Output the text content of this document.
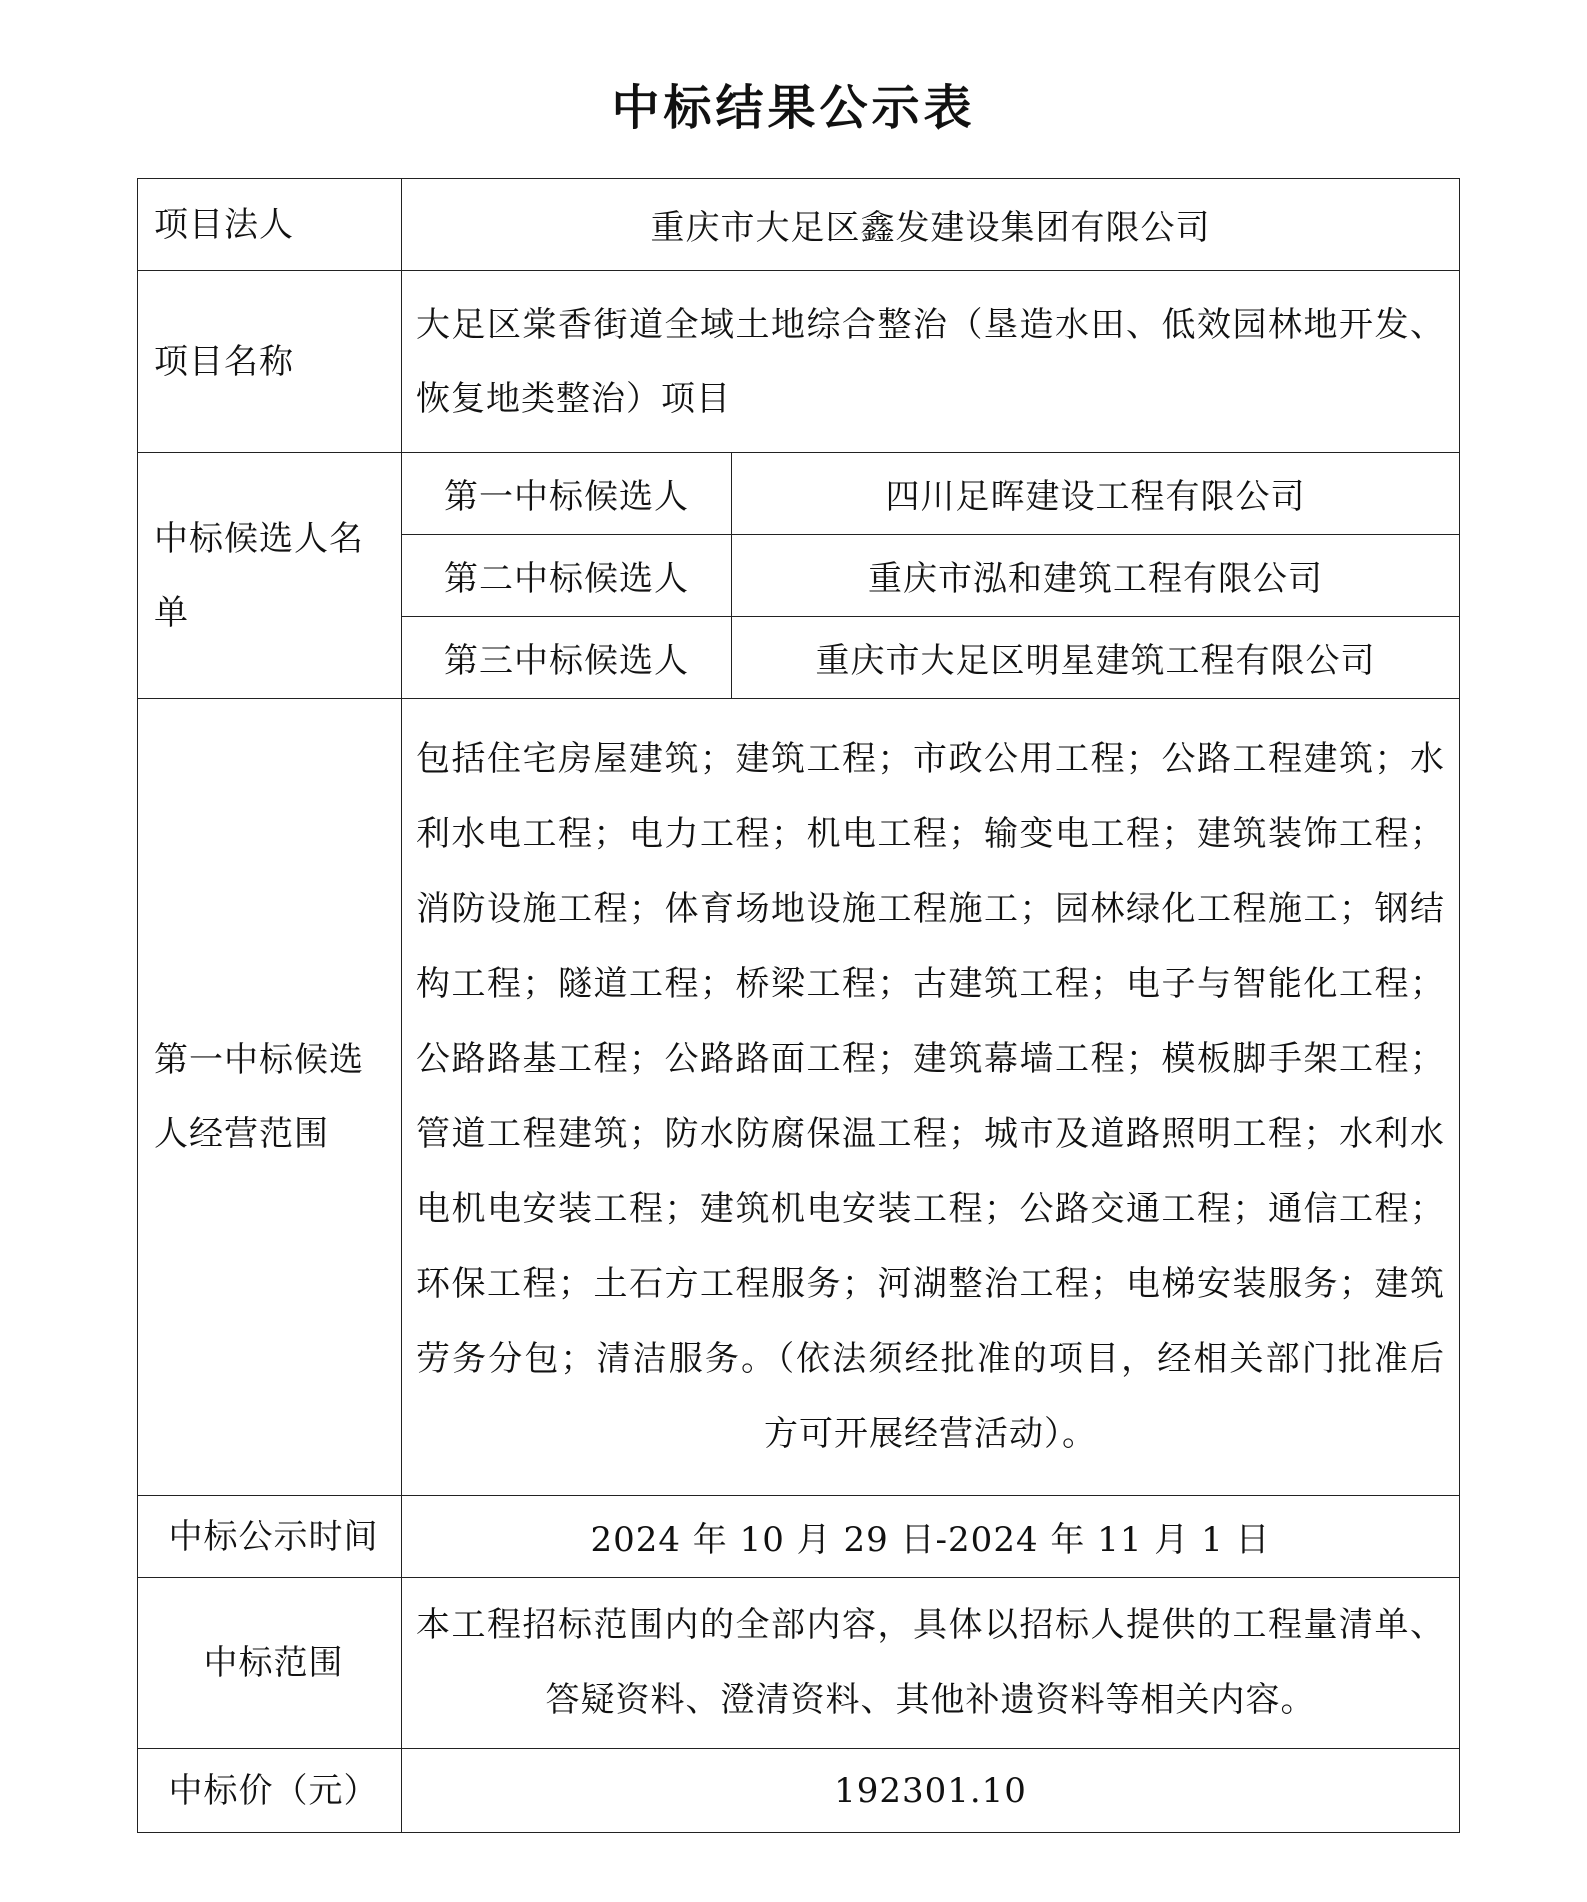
中标结果公示表
项目法人	重庆市大足区鑫发建设集团有限公司	
项目名称	大足区棠香街道全域土地综合整治（垦造水田、低效园林地开发、恢复地类整治）项目	
中标候选人名单	第一中标候选人	四川足晖建设工程有限公司
	第二中标候选人	重庆市泓和建筑工程有限公司
	第三中标候选人	重庆市大足区明星建筑工程有限公司
第一中标候选人经营范围	包括住宅房屋建筑；建筑工程；市政公用工程；公路工程建筑；水利水电工程；电力工程；机电工程；输变电工程；建筑装饰工程；消防设施工程；体育场地设施工程施工；园林绿化工程施工；钢结构工程；隧道工程；桥梁工程；古建筑工程；电子与智能化工程；公路路基工程；公路路面工程；建筑幕墙工程；模板脚手架工程；管道工程建筑；防水防腐保温工程；城市及道路照明工程；水利水电机电安装工程；建筑机电安装工程；公路交通工程；通信工程；环保工程；土石方工程服务；河湖整治工程；电梯安装服务；建筑劳务分包；清洁服务。（依法须经批准的项目，经相关部门批准后方可开展经营活动）。	
中标公示时间	2024 年 10 月 29 日-2024 年 11 月 1 日	
中标范围	本工程招标范围内的全部内容，具体以招标人提供的工程量清单、答疑资料、澄清资料、其他补遗资料等相关内容。	
中标价（元）	192301.10	
